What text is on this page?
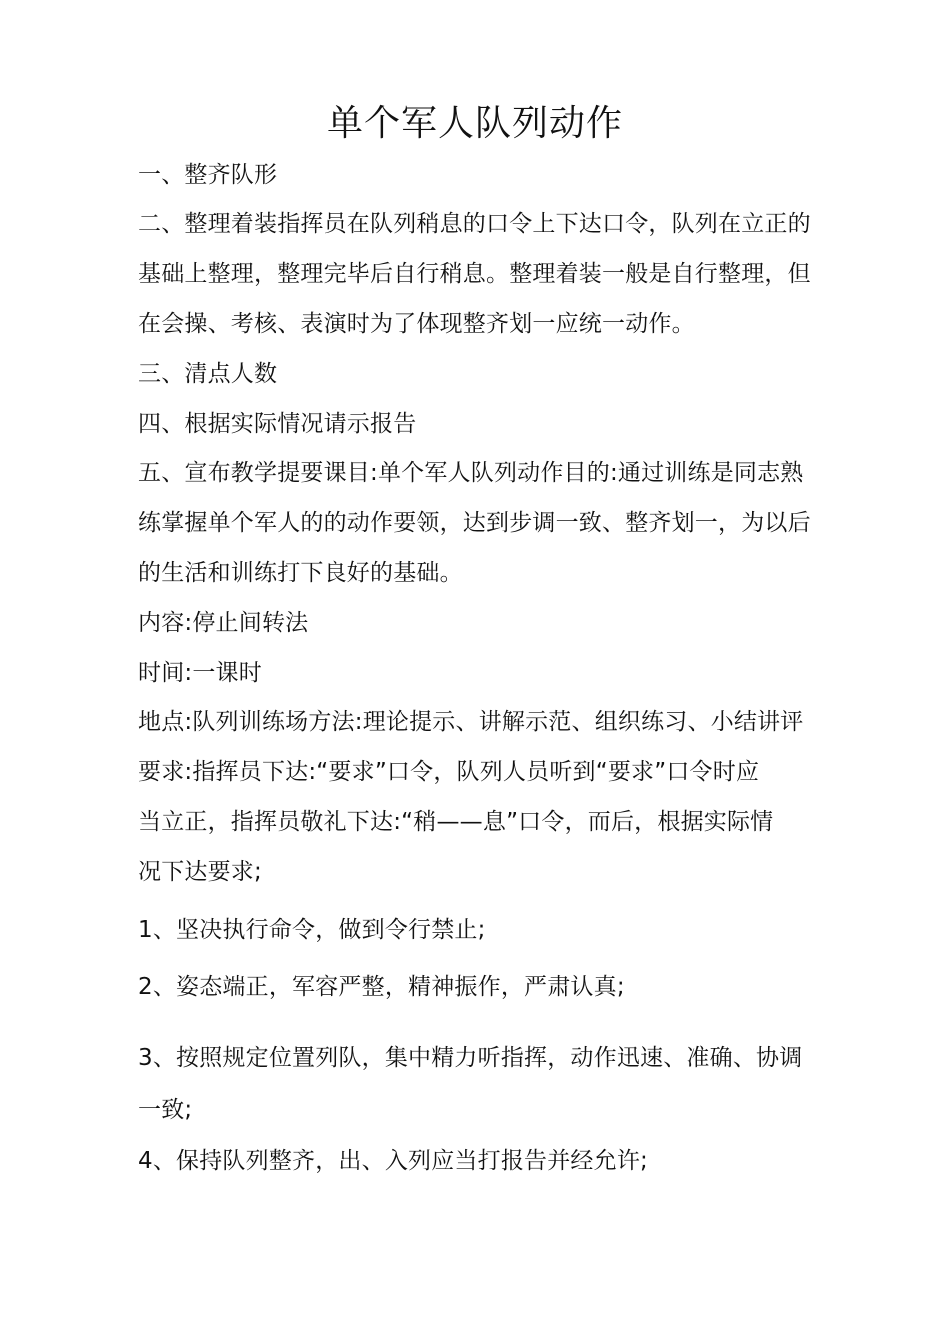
单个军人队列动作
一、整齐队形
二、整理着装指挥员在队列稍息的口令上下达口令，队列在立正的
基础上整理，整理完毕后自行稍息。整理着装一般是自行整理，但
在会操、考核、表演时为了体现整齐划一应统一动作。
三、清点人数
四、根据实际情况请示报告
五、宣布教学提要课目:单个军人队列动作目的:通过训练是同志熟
练掌握单个军人的的动作要领，达到步调一致、整齐划一，为以后
的生活和训练打下良好的基础。
内容:停止间转法
时间:一课时
地点:队列训练场方法:理论提示、讲解示范、组织练习、小结讲评
要求:指挥员下达:“要求”口令，队列人员听到“要求”口令时应
当立正，指挥员敬礼下达:“稍——息”口令，而后，根据实际情
况下达要求;
1、坚决执行命令，做到令行禁止;
2、姿态端正，军容严整，精神振作，严肃认真;
3、按照规定位置列队，集中精力听指挥，动作迅速、准确、协调
一致;
4、保持队列整齐，出、入列应当打报告并经允许;
